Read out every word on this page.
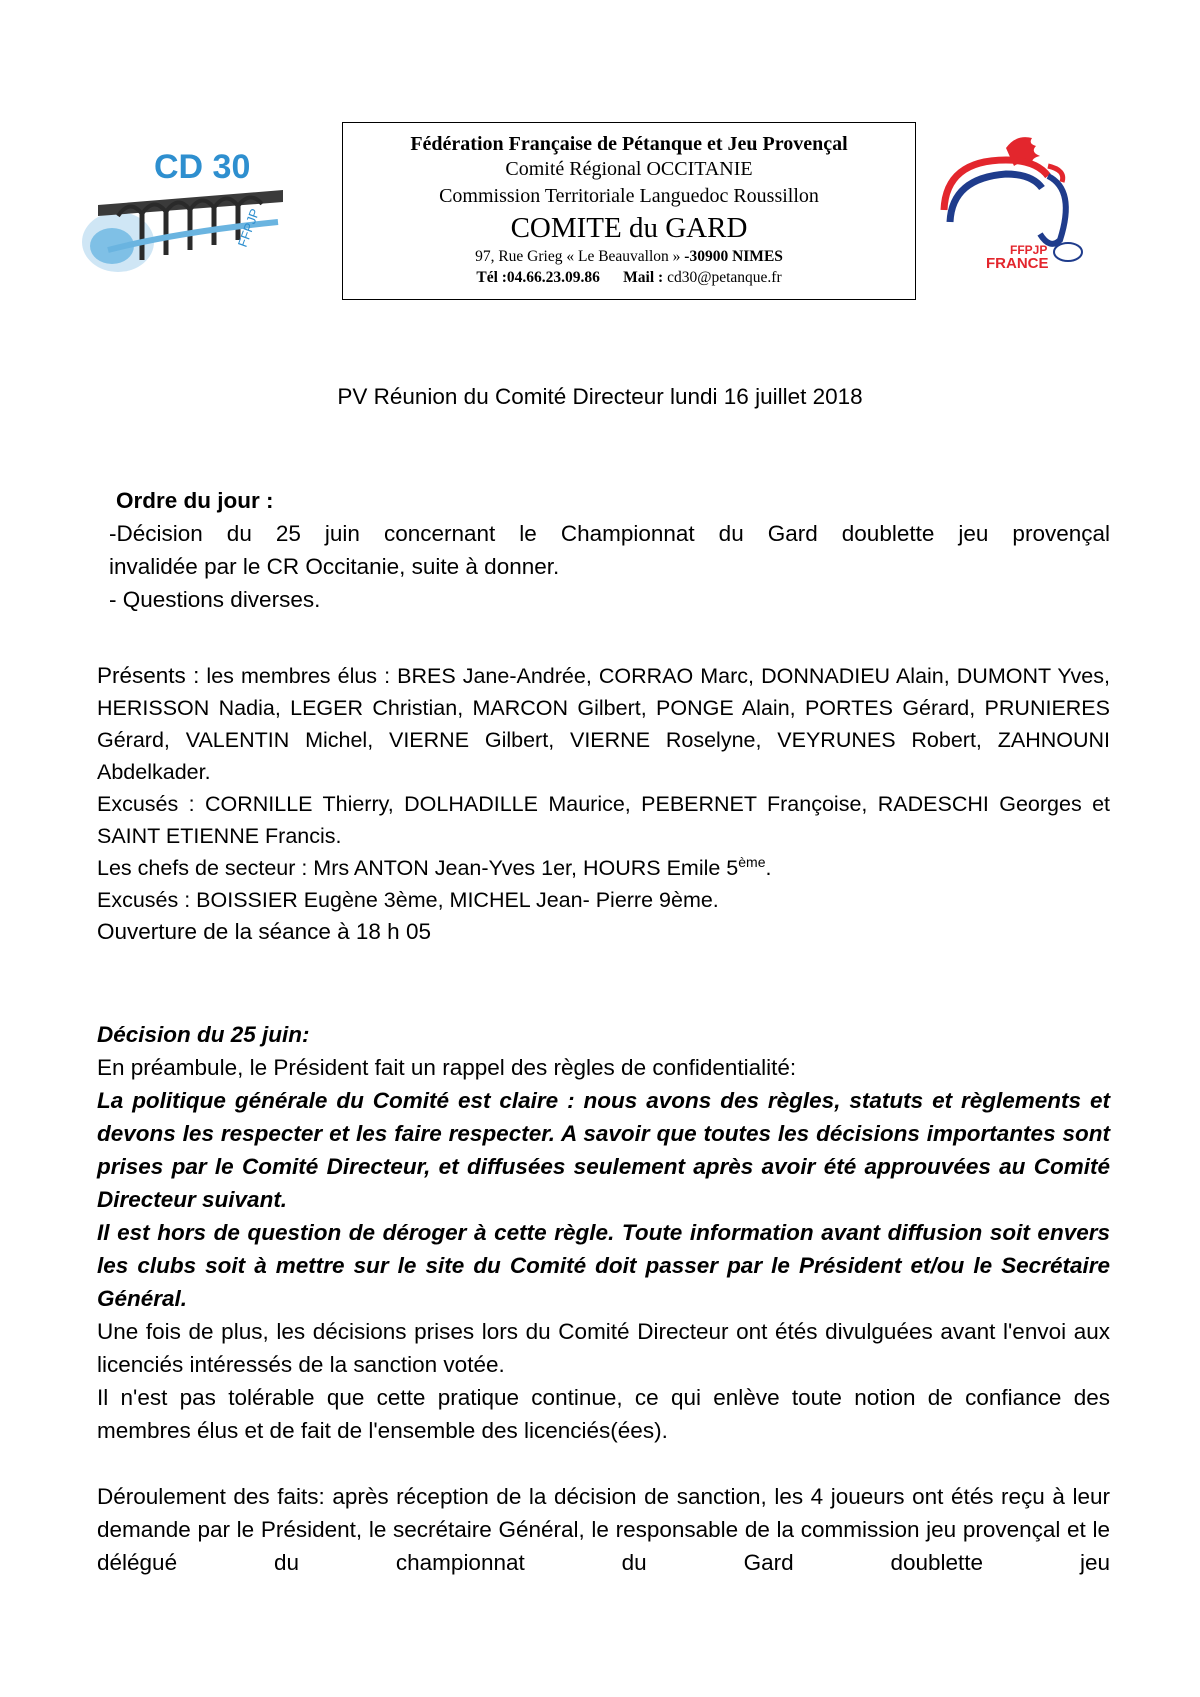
CD 30
FFPJP
Fédération Française de Pétanque et Jeu Provençal
Comité Régional OCCITANIE
Commission Territoriale Languedoc Roussillon
COMITE du GARD
97, Rue Grieg « Le Beauvallon » -30900 NIMES
Tél :04.66.23.09.86 Mail : cd30@petanque.fr
FFPJP
FRANCE
PV Réunion du Comité Directeur lundi 16 juillet 2018
Ordre du jour :
-Décision du 25 juin concernant le Championnat du Gard doublette jeu provençal
invalidée par le CR Occitanie, suite à donner.
- Questions diverses.
Présents : les membres élus : BRES Jane-Andrée, CORRAO Marc, DONNADIEU Alain, DUMONT Yves, HERISSON Nadia, LEGER Christian, MARCON Gilbert, PONGE Alain, PORTES Gérard, PRUNIERES Gérard, VALENTIN Michel, VIERNE Gilbert, VIERNE Roselyne, VEYRUNES Robert, ZAHNOUNI Abdelkader.
Excusés : CORNILLE Thierry, DOLHADILLE Maurice, PEBERNET Françoise, RADESCHI Georges et SAINT ETIENNE Francis.
Les chefs de secteur : Mrs ANTON Jean-Yves 1er, HOURS Emile 5ème.
Excusés : BOISSIER Eugène 3ème, MICHEL Jean- Pierre 9ème.
Ouverture de la séance à 18 h 05
Décision du 25 juin:
En préambule, le Président fait un rappel des règles de confidentialité:
La politique générale du Comité est claire : nous avons des règles, statuts et règlements et devons les respecter et les faire respecter. A savoir que toutes les décisions importantes sont prises par le Comité Directeur, et diffusées seulement après avoir été approuvées au Comité Directeur suivant.
Il est hors de question de déroger à cette règle. Toute information avant diffusion soit envers les clubs soit à mettre sur le site du Comité doit passer par le Président et/ou le Secrétaire Général.
Une fois de plus, les décisions prises lors du Comité Directeur ont étés divulguées avant l'envoi aux licenciés intéressés de la sanction votée.
Il n'est pas tolérable que cette pratique continue, ce qui enlève toute notion de confiance des membres élus et de fait de l'ensemble des licenciés(ées).
Déroulement des faits: après réception de la décision de sanction, les 4 joueurs ont étés reçu à leur demande par le Président, le secrétaire Général, le responsable de la commission jeu provençal et le délégué du championnat du Gard doublette jeu
